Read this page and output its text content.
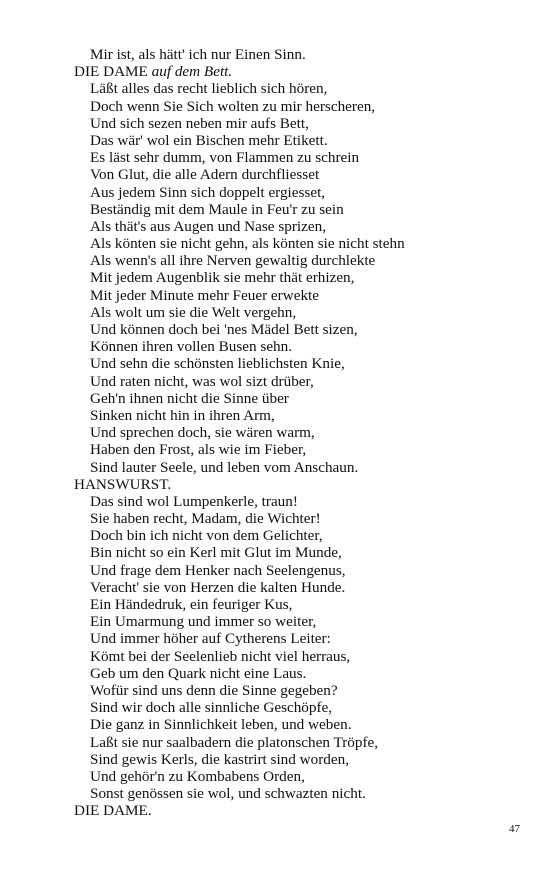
Mir ist, als hätt' ich nur Einen Sinn.
DIE DAME auf dem Bett.
Läßt alles das recht lieblich sich hören,
Doch wenn Sie Sich wolten zu mir herscheren,
Und sich sezen neben mir aufs Bett,
Das wär' wol ein Bischen mehr Etikett.
Es läst sehr dumm, von Flammen zu schrein
Von Glut, die alle Adern durchfliesset
Aus jedem Sinn sich doppelt ergiesset,
Beständig mit dem Maule in Feu'r zu sein
Als thät's aus Augen und Nase sprizen,
Als könten sie nicht gehn, als könten sie nicht stehn
Als wenn's all ihre Nerven gewaltig durchlekte
Mit jedem Augenblik sie mehr thät erhizen,
Mit jeder Minute mehr Feuer erwekte
Als wolt um sie die Welt vergehn,
Und können doch bei 'nes Mädel Bett sizen,
Können ihren vollen Busen sehn.
Und sehn die schönsten lieblichsten Knie,
Und raten nicht, was wol sizt drüber,
Geh'n ihnen nicht die Sinne über
Sinken nicht hin in ihren Arm,
Und sprechen doch, sie wären warm,
Haben den Frost, als wie im Fieber,
Sind lauter Seele, und leben vom Anschaun.
HANSWURST.
Das sind wol Lumpenkerle, traun!
Sie haben recht, Madam, die Wichter!
Doch bin ich nicht von dem Gelichter,
Bin nicht so ein Kerl mit Glut im Munde,
Und frage dem Henker nach Seelengenus,
Veracht' sie von Herzen die kalten Hunde.
Ein Händedruk, ein feuriger Kus,
Ein Umarmung und immer so weiter,
Und immer höher auf Cytherens Leiter:
Kömt bei der Seelenlieb nicht viel herraus,
Geb um den Quark nicht eine Laus.
Wofür sind uns denn die Sinne gegeben?
Sind wir doch alle sinnliche Geschöpfe,
Die ganz in Sinnlichkeit leben, und weben.
Laßt sie nur saalbadern die platonschen Tröpfe,
Sind gewis Kerls, die kastrirt sind worden,
Und gehör'n zu Kombabens Orden,
Sonst genössen sie wol, und schwazten nicht.
DIE DAME.
47
